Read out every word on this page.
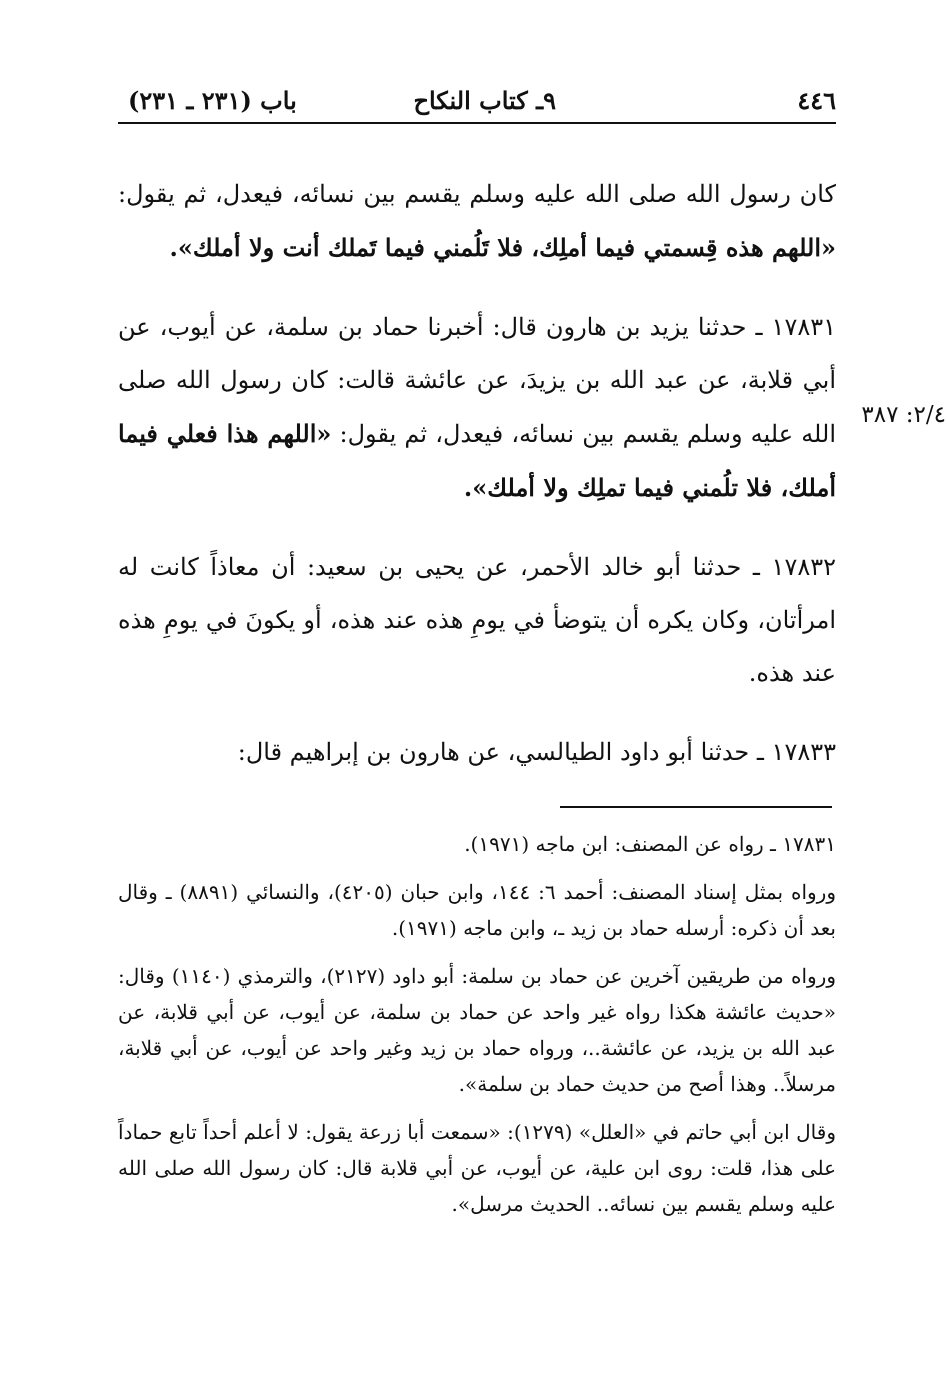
٤٤٦
٩ـ كتاب النكاح
باب (٢٣١ ـ ٢٣١)

كان رسول الله صلى الله عليه وسلم يقسم بين نسائه، فيعدل، ثم يقول: «اللهم هذه قِسمتي فيما أملِك، فلا تَلُمني فيما تَملك أنت ولا أملك».

١٧٨٣١ ـ حدثنا يزيد بن هارون قال: أخبرنا حماد بن سلمة، عن أيوب، عن أبي قلابة، عن عبد الله بن يزيدَ، عن عائشة قالت: كان رسول الله صلى الله عليه وسلم يقسم بين نسائه، فيعدل، ثم يقول: «اللهم هذا فعلي فيما أملك، فلا تلُمني فيما تملِك ولا أملك».

١٧٨٣٢ ـ حدثنا أبو خالد الأحمر، عن يحيى بن سعيد: أن معاذاً كانت له امرأتان، وكان يكره أن يتوضأ في يومِ هذه عند هذه، أو يكونَ في يومِ هذه عند هذه.

١٧٨٣٣ ـ حدثنا أبو داود الطيالسي، عن هارون بن إبراهيم قال:

٢/٤: ٣٨٧

١٧٨٣١ ـ رواه عن المصنف: ابن ماجه (١٩٧١).

ورواه بمثل إسناد المصنف: أحمد ٦: ١٤٤، وابن حبان (٤٢٠٥)، والنسائي (٨٨٩١) ـ وقال بعد أن ذكره: أرسله حماد بن زيد ـ، وابن ماجه (١٩٧١).

ورواه من طريقين آخرين عن حماد بن سلمة: أبو داود (٢١٢٧)، والترمذي (١١٤٠) وقال: «حديث عائشة هكذا رواه غير واحد عن حماد بن سلمة، عن أيوب، عن أبي قلابة، عن عبد الله بن يزيد، عن عائشة..، ورواه حماد بن زيد وغير واحد عن أيوب، عن أبي قلابة، مرسلاً.. وهذا أصح من حديث حماد بن سلمة».

وقال ابن أبي حاتم في «العلل» (١٢٧٩): «سمعت أبا زرعة يقول: لا أعلم أحداً تابع حماداً على هذا، قلت: روى ابن علية، عن أيوب، عن أبي قلابة قال: كان رسول الله صلى الله عليه وسلم يقسم بين نسائه.. الحديث مرسل».
